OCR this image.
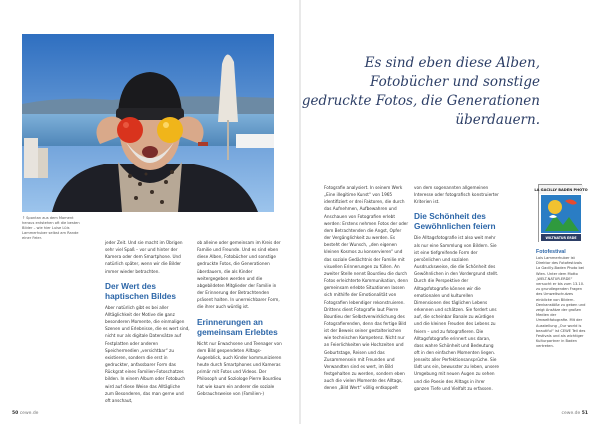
↑ Spontan aus dem Moment heraus entstehen oft die besten Bilder – wie hier Luise Lüis Lammerhuber selbst am Rande einer Feier.

jeder Zeit. Und sie macht im Übrigen sehr viel Spaß – vor und hinter der Kamera oder dem Smartphone. Und natürlich später, wenn wir die Bilder immer wieder betrachten.

Der Wert des haptischen Bildes

Aber natürlich gibt es bei aller Alltäglichkeit der Motive die ganz besonderen Momente, die einmaligen Szenen und Erlebnisse, die es wert sind, nicht nur als digitale Datensätze auf Festplatten oder anderen Speichermedien „versichtbar“ zu existieren, sondern die erst in gedruckter, anfassbarer Form das Rückgrat eines Familien-Fotoschatzes bilden. In einem Album oder Fotobuch wird auf diese Weise das Alltägliche zum Besonderen, das man gerne und oft anschaut,

ob alleine oder gemeinsam im Kreis der Familie und Freunde. Und es sind eben diese Alben, Fotobücher und sonstige gedruckte Fotos, die Generationen überdauern, die als Kinder weitergegeben werden und die abgebildeten Mitglieder der Familie in der Erinnerung der Betrachtenden präsent halten. In unerreichbarer Form, die ihrer auch würdig ist.

Erinnerungen an gemeinsam Erlebtes

Nicht nur Erwachsene und Teenager von dem Bild gespendeten Alltags-Augenblick, auch Kinder kommunizieren heute durch Smartphones und Kameras primär mit Fotos und Videos. Der Philosoph und Soziologe Pierre Bourdieu hat wie kaum ein anderer die soziale Gebrauchsweise von (Familien-)

50 cewe.de

Es sind eben diese Alben, Fotobücher und sonstige gedruckte Fotos, die Generationen überdauern.

Fotografie analysiert. In seinem Werk „Eine illegitime Kunst“ von 1965 identifiziert er drei Faktoren, die durch das Aufnehmen, Aufbewahren und Anschauen von Fotografien erlebt werden: Erstens nehmen Fotos der oder dem Betrachtenden die Angst, Opfer der Vergänglichkeit zu werden. Es besteht der Wunsch, „den eigenen kleinen Kosmos zu konservieren“ und das soziale Gedächtnis der Familie mit visuellen Erinnerungen zu füllen. An zweiter Stelle nennt Bourdieu die durch Fotos erleichterte Kommunikation, denn gemeinsam erlebte Situationen lassen sich mithilfe der Emotionalität von Fotografien lebendiger rekonstruieren. Drittens dient Fotografie laut Pierre Bourdieu der Selbstverwirklichung des Fotografierenden, denn das fertige Bild ist der Beweis seiner gestalterischen wie technischen Kompetenz. Nicht nur an Feierlichkeiten wie Hochzeiten und Geburtstage, Reisen und das Zusammensein mit Freunden und Verwandten sind es wert, im Bild festgehalten zu werden, sondern eben auch die vielen Momente des Alltags, denen „Bild Wert“ völlig entkoppelt

von dem sogenannten allgemeinen Interesse oder fotografisch konstruierter Kriterien ist.

Die Schönheit des Gewöhnlichen feiern

Die Alltagsfotografie ist also weit mehr als nur eine Sammlung von Bildern. Sie ist eine tiefgreifende Form der persönlichen und sozialen Ausdrucksweise, die die Schönheit des Gewöhnlichen in den Vordergrund stellt. Durch die Perspektive der Alltagsfotografie können wir die emotionalen und kulturellen Dimensionen des täglichen Lebens erkennen und schätzen. Sie fordert uns auf, die scheinbar Banale zu würdigen und die kleinen Freuden des Lebens zu feiern – und zu fotografieren. Die Alltagsfotografie erinnert uns daran, dass wahre Schönheit und Bedeutung oft in den einfachen Momenten liegen. Jenseits aller Perfektionsansprüche. Sie lädt uns ein, bewusster zu leben, unsere Umgebung mit neuen Augen zu sehen und die Poesie des Alltags in ihrer ganzen Tiefe und Vielfalt zu erfassen.

LA GACILLY BADEN PHOTO
WILTNATUR ERDE
Fotofestival

Lois Lammerhuber ist Direktor des Fotofestivals La Gacilly-Baden Photo bei Wien. Unter dem Motto „WELT.NATUR.ERDE“ versucht er bis zum 13.10. zu grundlegenden Fragen des Umweltschutzes einblicke von Bildern. Denkanstöße zu geben und zeigt Ansätze der großen Medien der Umweltfotografie. Mit der Ausstellung „Our world is beautiful“ ist CEWE Teil des Festivals und als wichtiger Kulturpartner in Baden vertreten.

cewe.de 51
